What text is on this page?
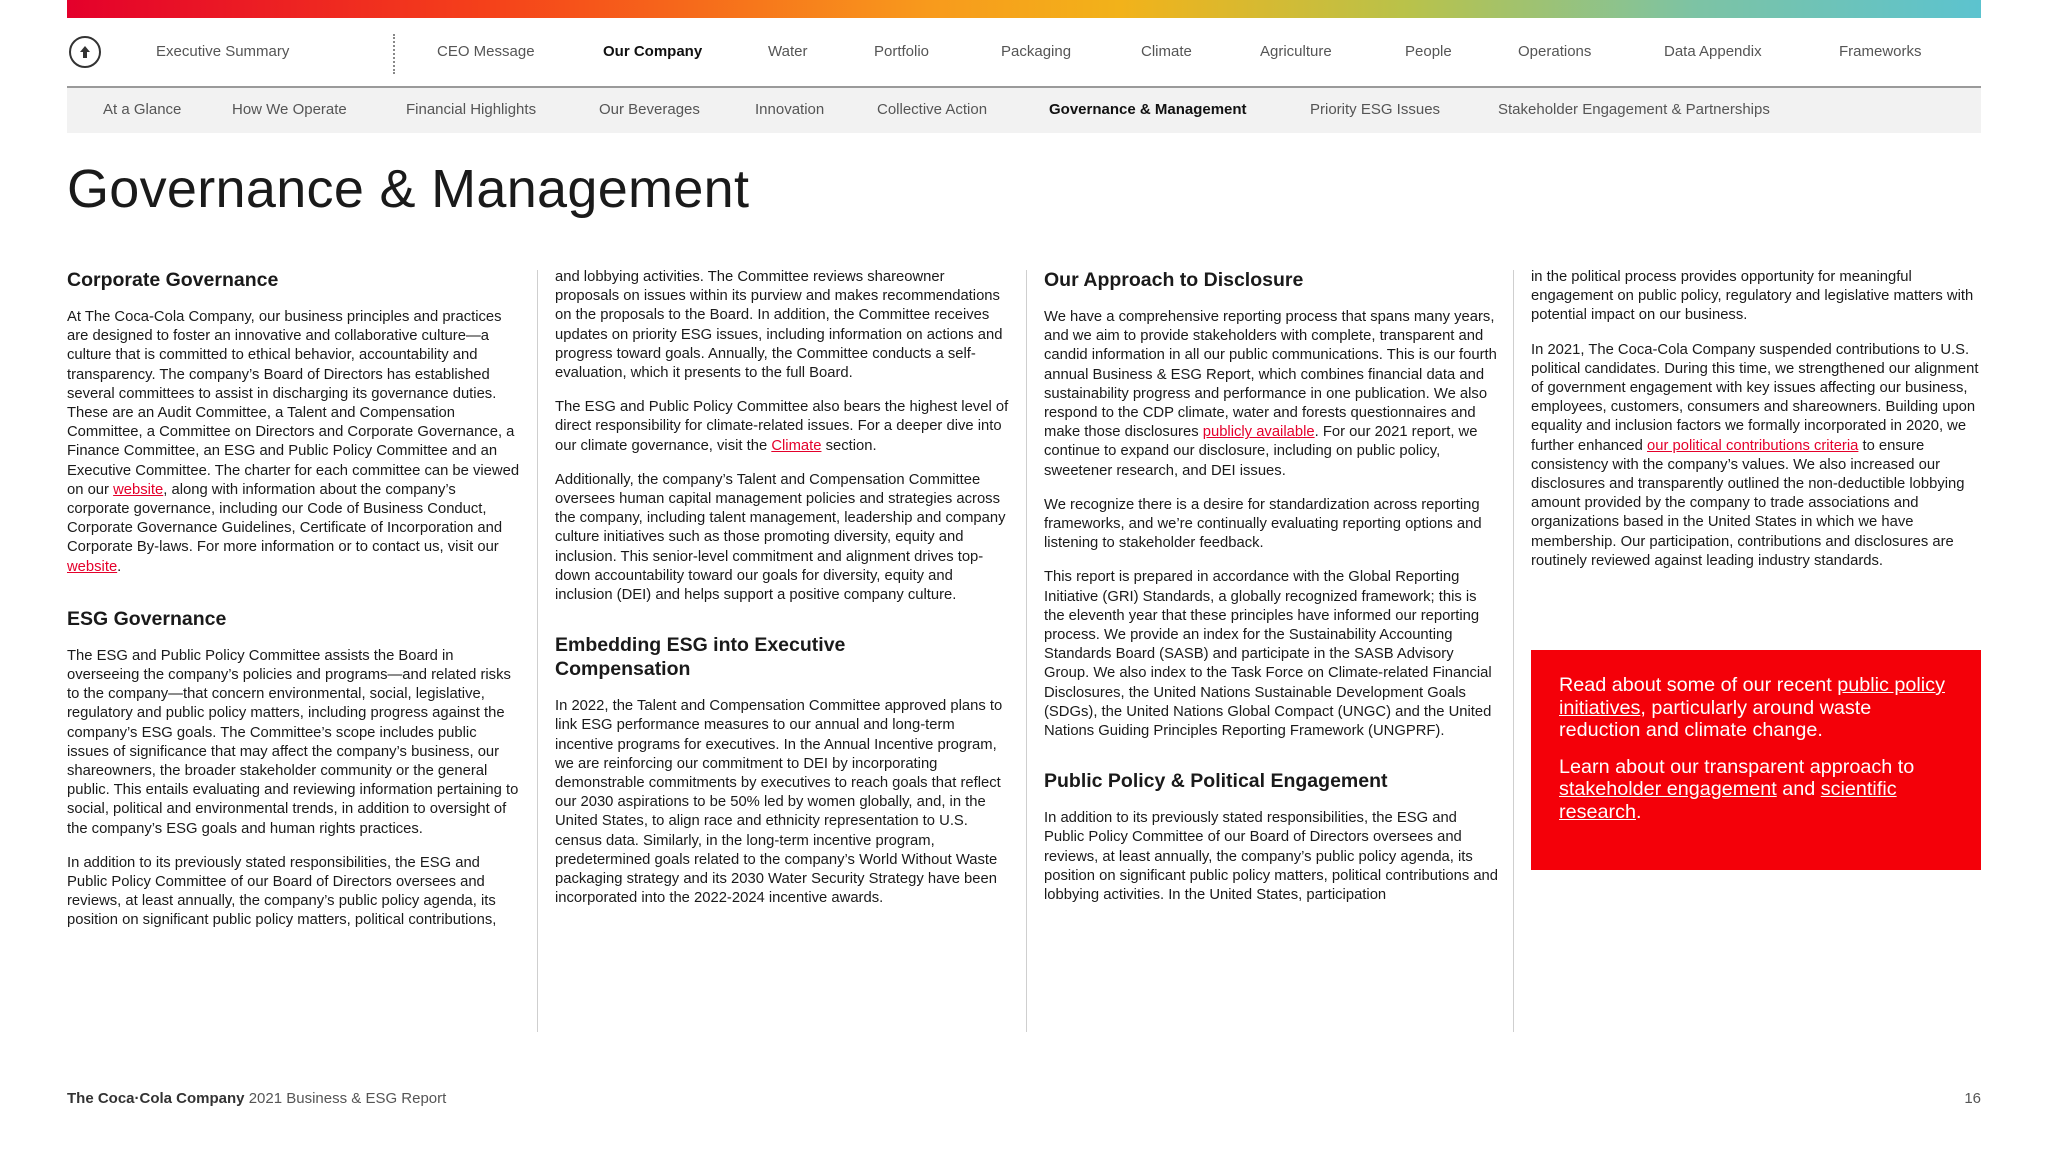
Executive Summary	CEO Message	Our Company	Water	Portfolio	Packaging	Climate	Agriculture	People	Operations	Data Appendix	Frameworks
At a Glance	How We Operate	Financial Highlights	Our Beverages	Innovation	Collective Action	Governance & Management	Priority ESG Issues	Stakeholder Engagement & Partnerships
Governance & Management
Corporate Governance

At The Coca-Cola Company, our business principles and practices are designed to foster an innovative and collaborative culture—a culture that is committed to ethical behavior, accountability and transparency. The company’s Board of Directors has established several committees to assist in discharging its governance duties. These are an Audit Committee, a Talent and Compensation Committee, a Committee on Directors and Corporate Governance, a Finance Committee, an ESG and Public Policy Committee and an Executive Committee. The charter for each committee can be viewed on our website, along with information about the company’s corporate governance, including our Code of Business Conduct, Corporate Governance Guidelines, Certificate of Incorporation and Corporate By-laws. For more information or to contact us, visit our website.

ESG Governance

The ESG and Public Policy Committee assists the Board in overseeing the company’s policies and programs—and related risks to the company—that concern environmental, social, legislative, regulatory and public policy matters, including progress against the company’s ESG goals. The Committee’s scope includes public issues of significance that may affect the company’s business, our shareowners, the broader stakeholder community or the general public. This entails evaluating and reviewing information pertaining to social, political and environmental trends, in addition to oversight of the company’s ESG goals and human rights practices.

In addition to its previously stated responsibilities, the ESG and Public Policy Committee of our Board of Directors oversees and reviews, at least annually, the company’s public policy agenda, its position on significant public policy matters, political contributions,

and lobbying activities. The Committee reviews shareowner proposals on issues within its purview and makes recommendations on the proposals to the Board. In addition, the Committee receives updates on priority ESG issues, including information on actions and progress toward goals. Annually, the Committee conducts a self-evaluation, which it presents to the full Board.

The ESG and Public Policy Committee also bears the highest level of direct responsibility for climate-related issues. For a deeper dive into our climate governance, visit the Climate section.

Additionally, the company’s Talent and Compensation Committee oversees human capital management policies and strategies across the company, including talent management, leadership and company culture initiatives such as those promoting diversity, equity and inclusion. This senior-level commitment and alignment drives top-down accountability toward our goals for diversity, equity and inclusion (DEI) and helps support a positive company culture.

Embedding ESG into Executive Compensation

In 2022, the Talent and Compensation Committee approved plans to link ESG performance measures to our annual and long-term incentive programs for executives. In the Annual Incentive program, we are reinforcing our commitment to DEI by incorporating demonstrable commitments by executives to reach goals that reflect our 2030 aspirations to be 50% led by women globally, and, in the United States, to align race and ethnicity representation to U.S. census data. Similarly, in the long-term incentive program, predetermined goals related to the company’s World Without Waste packaging strategy and its 2030 Water Security Strategy have been incorporated into the 2022-2024 incentive awards.

Our Approach to Disclosure

We have a comprehensive reporting process that spans many years, and we aim to provide stakeholders with complete, transparent and candid information in all our public communications. This is our fourth annual Business & ESG Report, which combines financial data and sustainability progress and performance in one publication. We also respond to the CDP climate, water and forests questionnaires and make those disclosures publicly available. For our 2021 report, we continue to expand our disclosure, including on public policy, sweetener research, and DEI issues.

We recognize there is a desire for standardization across reporting frameworks, and we’re continually evaluating reporting options and listening to stakeholder feedback.

This report is prepared in accordance with the Global Reporting Initiative (GRI) Standards, a globally recognized framework; this is the eleventh year that these principles have informed our reporting process. We provide an index for the Sustainability Accounting Standards Board (SASB) and participate in the SASB Advisory Group. We also index to the Task Force on Climate-related Financial Disclosures, the United Nations Sustainable Development Goals (SDGs), the United Nations Global Compact (UNGC) and the United Nations Guiding Principles Reporting Framework (UNGPRF).

Public Policy & Political Engagement

In addition to its previously stated responsibilities, the ESG and Public Policy Committee of our Board of Directors oversees and reviews, at least annually, the company’s public policy agenda, its position on significant public policy matters, political contributions and lobbying activities. In the United States, participation

in the political process provides opportunity for meaningful engagement on public policy, regulatory and legislative matters with potential impact on our business.

In 2021, The Coca-Cola Company suspended contributions to U.S. political candidates. During this time, we strengthened our alignment of government engagement with key issues affecting our business, employees, customers, consumers and shareowners. Building upon equality and inclusion factors we formally incorporated in 2020, we further enhanced our political contributions criteria to ensure consistency with the company’s values. We also increased our disclosures and transparently outlined the non-deductible lobbying amount provided by the company to trade associations and organizations based in the United States in which we have membership. Our participation, contributions and disclosures are routinely reviewed against leading industry standards.

Read about some of our recent public policy initiatives, particularly around waste reduction and climate change.

Learn about our transparent approach to stakeholder engagement and scientific research.

The Coca·Cola Company 2021 Business & ESG Report	16
